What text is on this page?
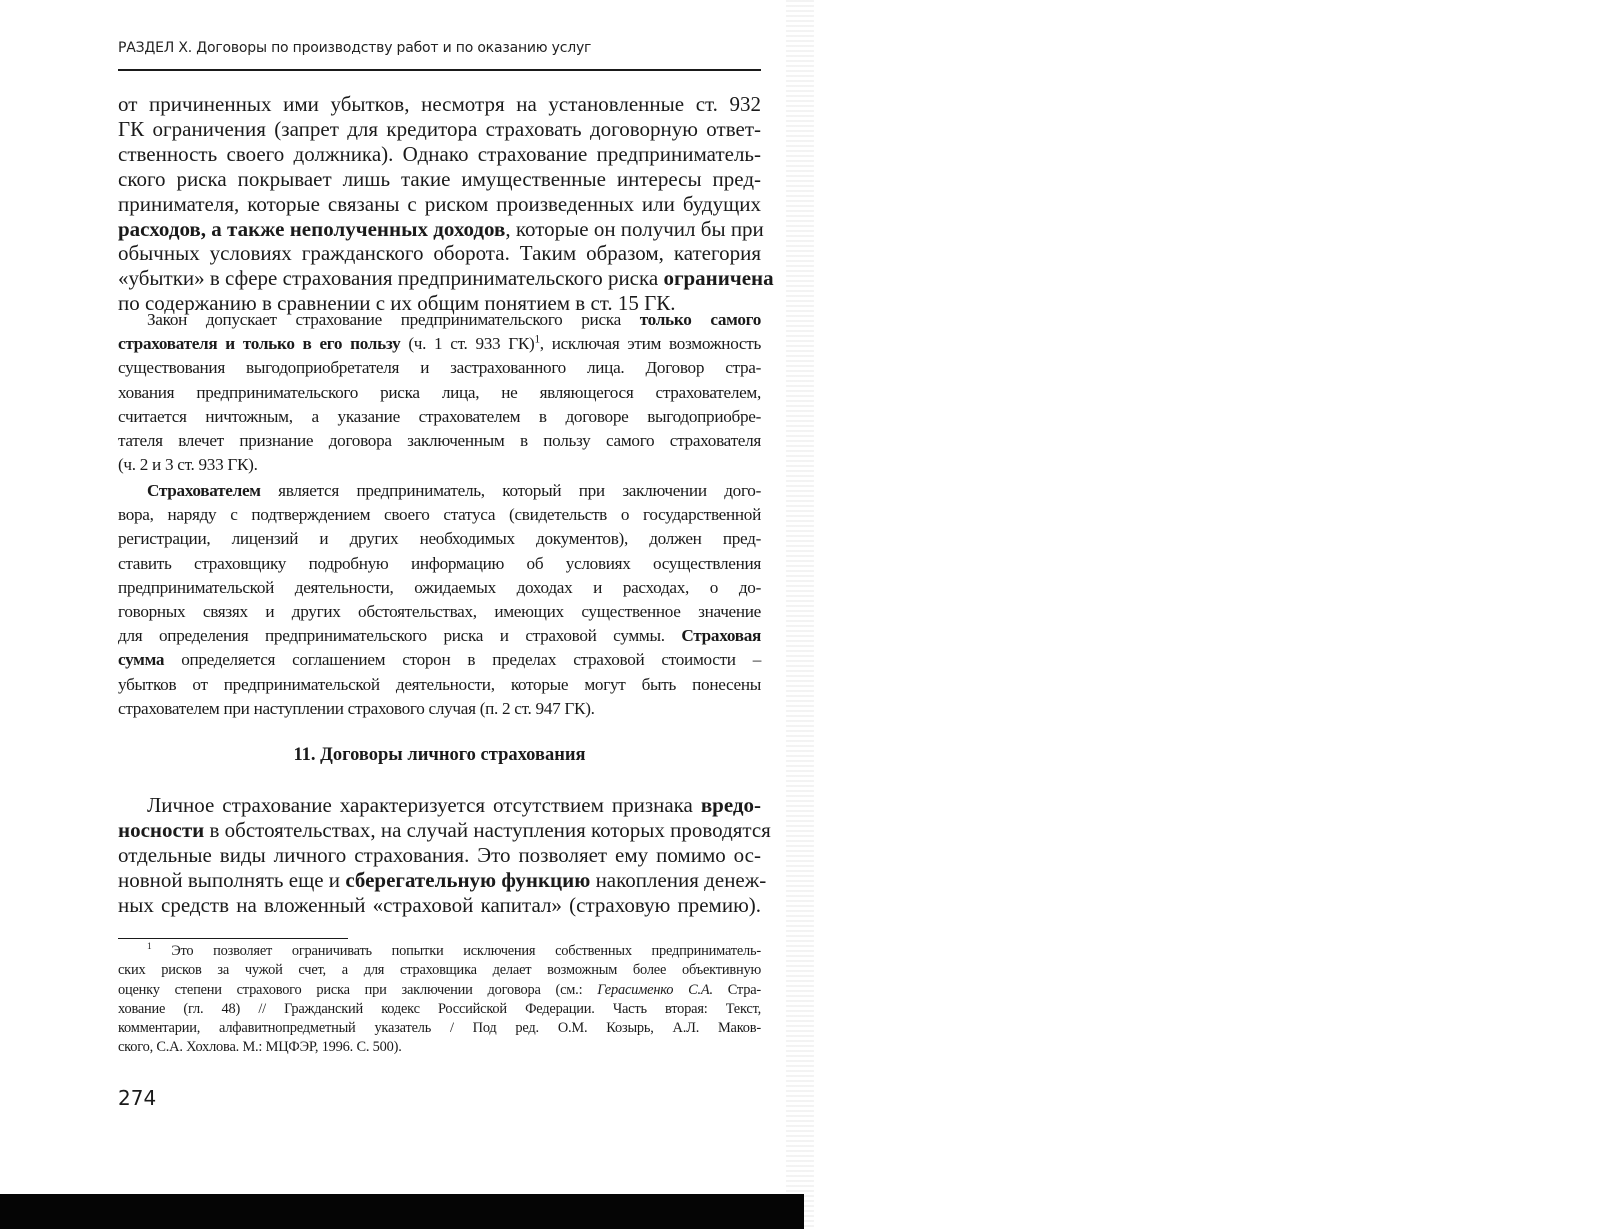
РАЗДЕЛ X. Договоры по производству работ и по оказанию услуг
от причиненных ими убытков, несмотря на установленные ст. 932
ГК ограничения (запрет для кредитора страховать договорную ответ-
ственность своего должника). Однако страхование предприниматель-
ского риска покрывает лишь такие имущественные интересы пред-
принимателя, которые связаны с риском произведенных или будущих
расходов, а также неполученных доходов, которые он получил бы при
обычных условиях гражданского оборота. Таким образом, категория
«убытки» в сфере страхования предпринимательского риска ограничена
по содержанию в сравнении с их общим понятием в ст. 15 ГК.
Закон допускает страхование предпринимательского риска только самого
страхователя и только в его пользу (ч. 1 ст. 933 ГК)$^1$, исключая этим возможность
существования выгодоприобретателя и застрахованного лица. Договор стра-
хования предпринимательского риска лица, не являющегося страхователем,
считается ничтожным, а указание страхователем в договоре выгодоприобре-
тателя влечет признание договора заключенным в пользу самого страхователя
(ч. 2 и 3 ст. 933 ГК).
Страхователем является предприниматель, который при заключении дого-
вора, наряду с подтверждением своего статуса (свидетельств о государственной
регистрации, лицензий и других необходимых документов), должен пред-
ставить страховщику подробную информацию об условиях осуществления
предпринимательской деятельности, ожидаемых доходах и расходах, о до-
говорных связях и других обстоятельствах, имеющих существенное значение
для определения предпринимательского риска и страховой суммы. Страховая
сумма определяется соглашением сторон в пределах страховой стоимости –
убытков от предпринимательской деятельности, которые могут быть понесены
страхователем при наступлении страхового случая (п. 2 ст. 947 ГК).
11. Договоры личного страхования
Личное страхование характеризуется отсутствием признака вредо-
носности в обстоятельствах, на случай наступления которых проводятся
отдельные виды личного страхования. Это позволяет ему помимо ос-
новной выполнять еще и сберегательную функцию накопления денеж-
ных средств на вложенный «страховой капитал» (страховую премию).
$^1$ Это позволяет ограничивать попытки исключения собственных предприниматель-
ских рисков за чужой счет, а для страховщика делает возможным более объективную
оценку степени страхового риска при заключении договора (см.: Герасименко С.А. Стра-
хование (гл. 48) // Гражданский кодекс Российской Федерации. Часть вторая: Текст,
комментарии, алфавитнопредметный указатель / Под ред. О.М. Козырь, А.Л. Маков-
ского, С.А. Хохлова. М.: МЦФЭР, 1996. С. 500).
274
